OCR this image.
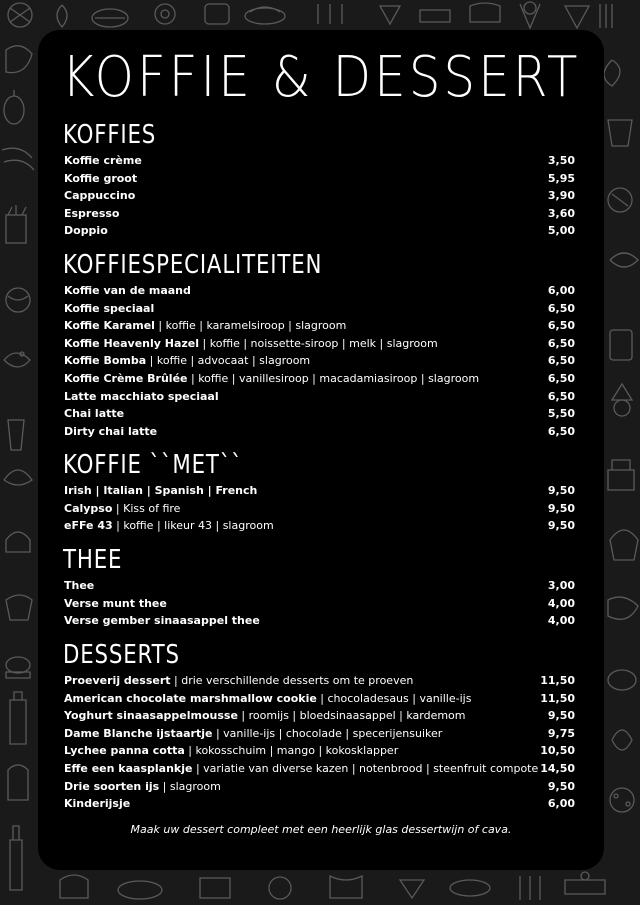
KOFFIE & DESSERT
KOFFIES
Koffie crème	3,50
Koffie groot	5,95
Cappuccino	3,90
Espresso	3,60
Doppio	5,00
KOFFIESPECIALITEITEN
Koffie van de maand	6,00
Koffie speciaal	6,50
Koffie Karamel | koffie | karamelsiroop | slagroom	6,50
Koffie Heavenly Hazel | koffie | noissette-siroop | melk | slagroom	6,50
Koffie Bomba | koffie | advocaat | slagroom	6,50
Koffie Crème Brûlée | koffie | vanillesiroop | macadamiasiroop | slagroom	6,50
Latte macchiato speciaal	6,50
Chai latte	5,50
Dirty chai latte	6,50
KOFFIE ``MET``
Irish | Italian | Spanish | French	9,50
Calypso | Kiss of fire	9,50
eFFe 43 | koffie | likeur 43 | slagroom	9,50
THEE
Thee	3,00
Verse munt thee	4,00
Verse gember sinaasappel thee	4,00
DESSERTS
Proeverij dessert | drie verschillende desserts om te proeven	11,50
American chocolate marshmallow cookie | chocoladesaus | vanille-ijs	11,50
Yoghurt sinaasappelmousse | roomijs | bloedsinaasappel | kardemom	9,50
Dame Blanche ijstaartje | vanille-ijs | chocolade | specerijensuiker	9,75
Lychee panna cotta | kokosschuim | mango | kokosklapper	10,50
Effe een kaasplankje | variatie van diverse kazen | notenbrood | steenfruit compote 14,50
Drie soorten ijs | slagroom	9,50
Kinderijsje	6,00
Maak uw dessert compleet met een heerlijk glas dessertwijn of cava.
